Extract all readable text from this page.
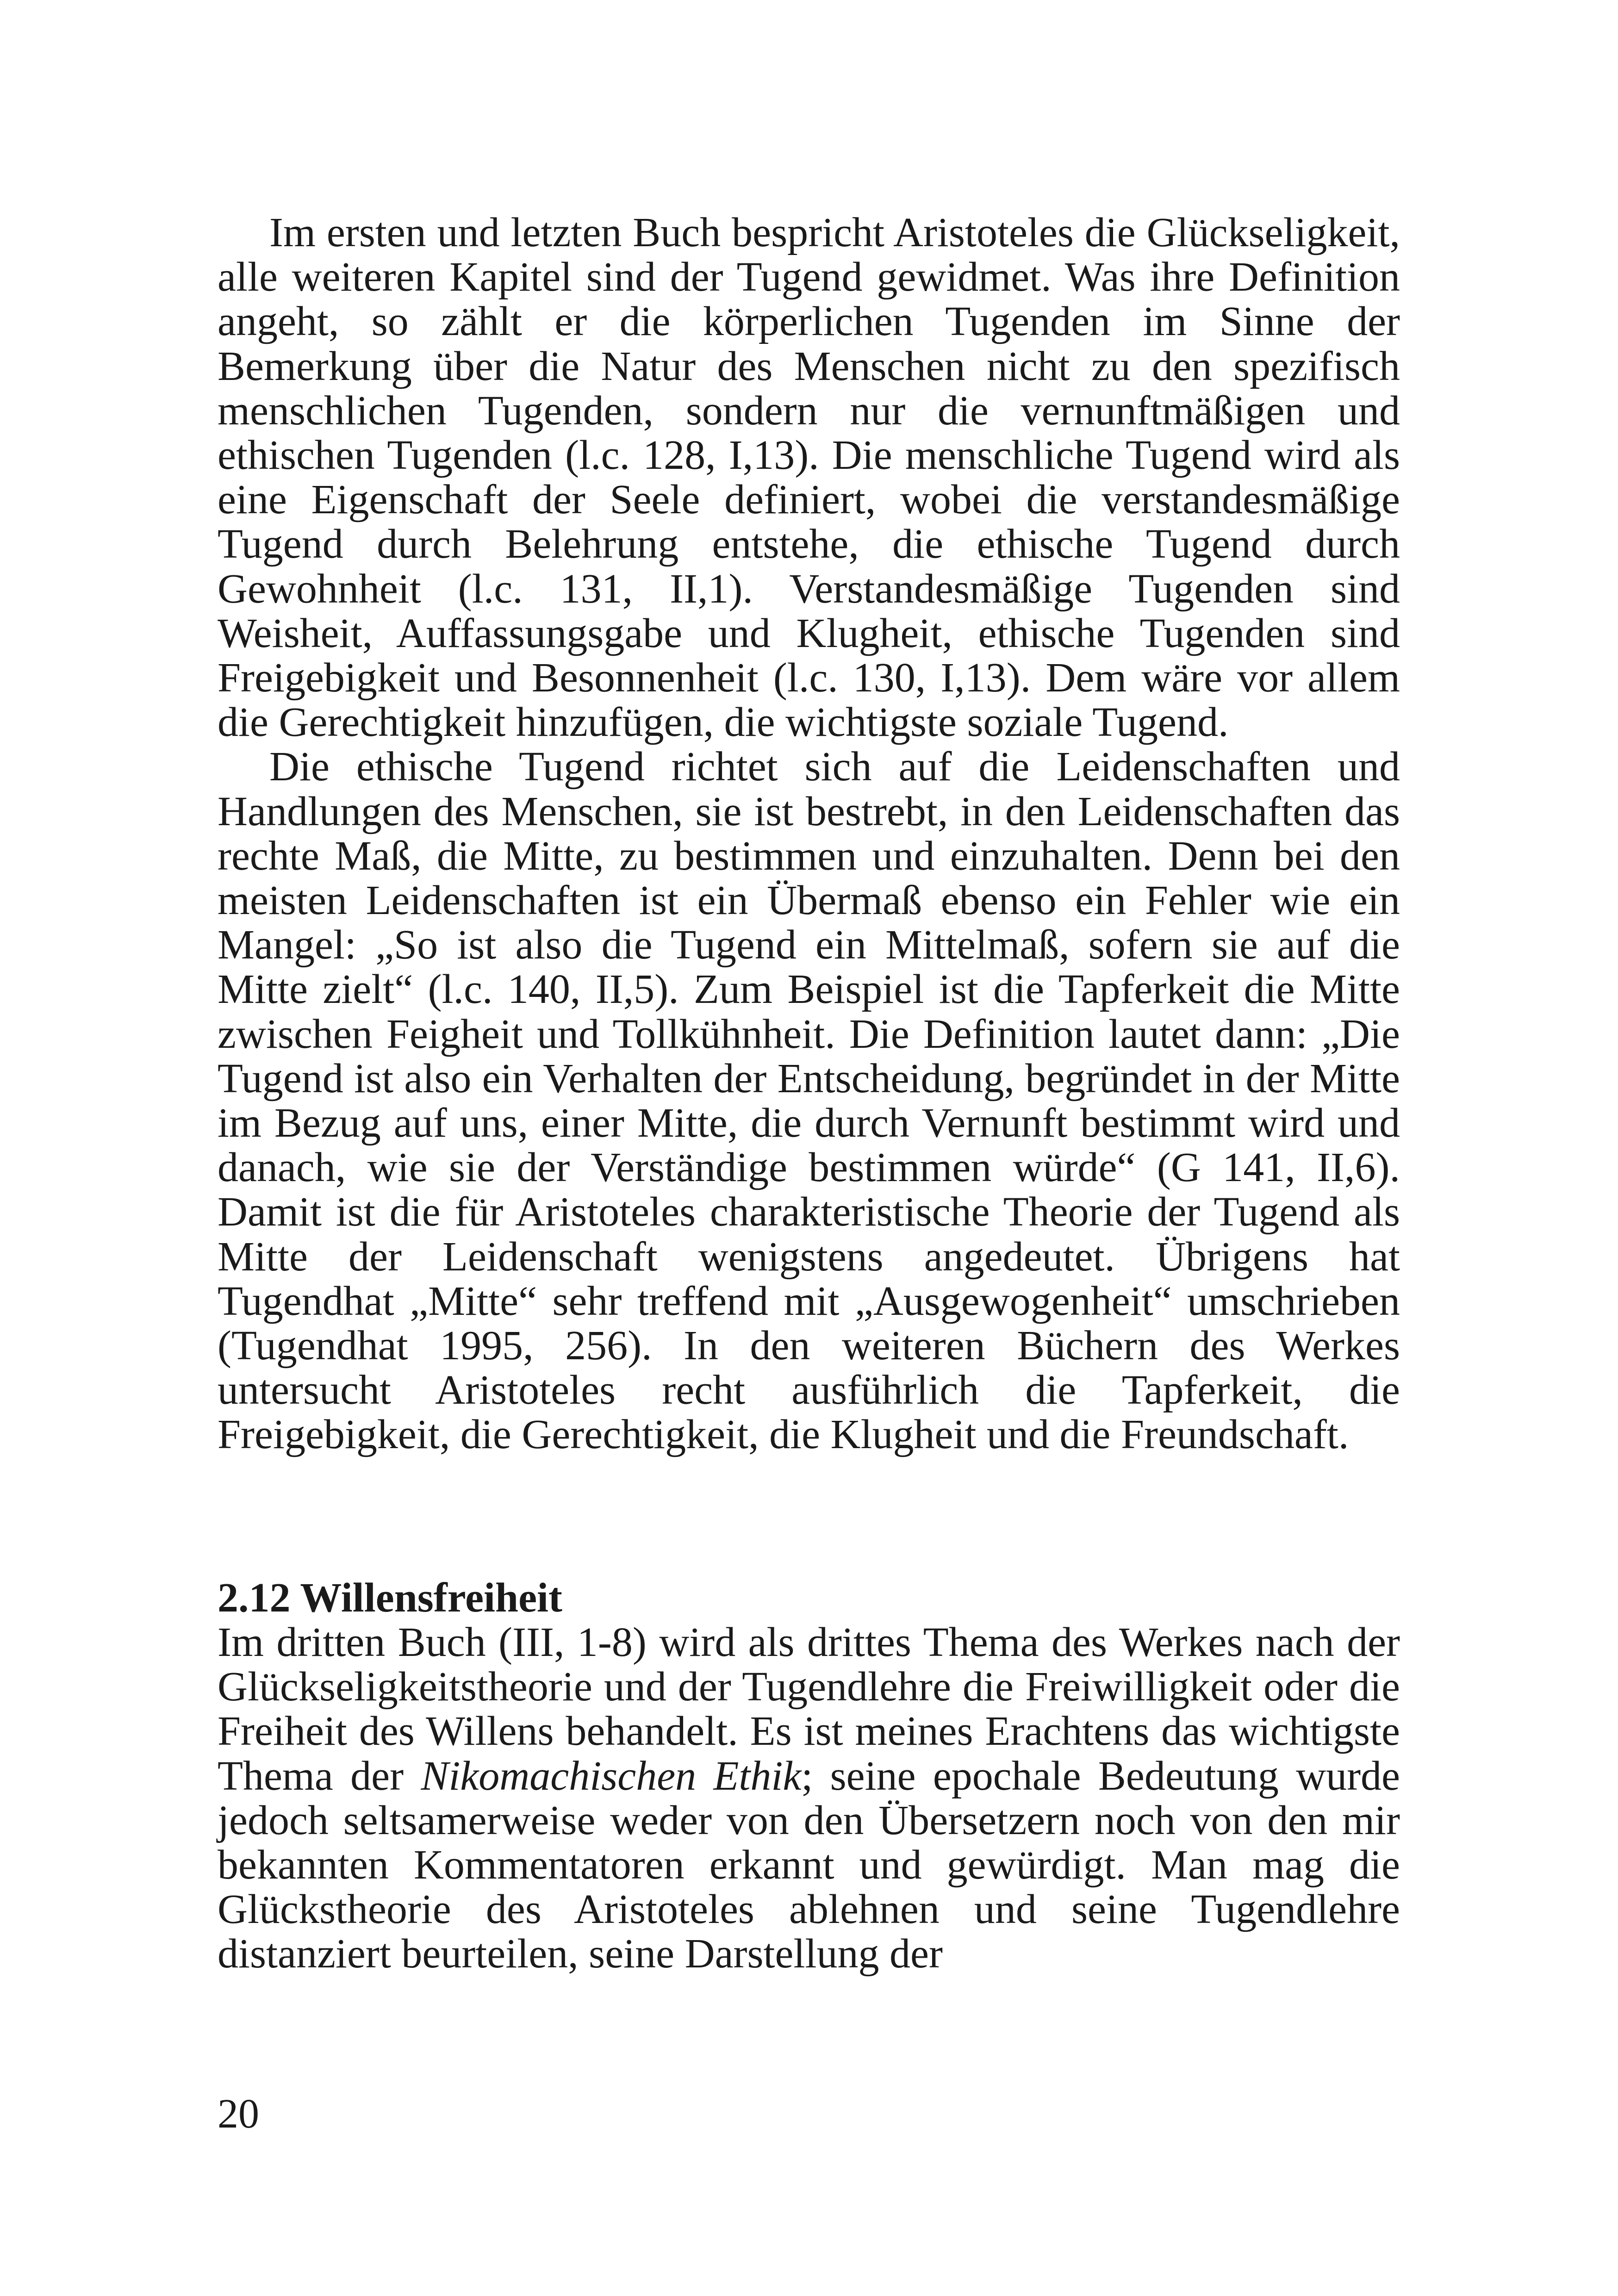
Im ersten und letzten Buch bespricht Aristoteles die Glückseligkeit, alle weiteren Kapitel sind der Tugend gewidmet. Was ihre Definition angeht, so zählt er die körperlichen Tugenden im Sinne der Bemerkung über die Natur des Menschen nicht zu den spezifisch menschlichen Tugenden, sondern nur die vernunftmäßigen und ethischen Tugenden (l.c. 128, I,13). Die menschliche Tugend wird als eine Eigenschaft der Seele definiert, wobei die verstandesmäßige Tugend durch Belehrung entstehe, die ethische Tugend durch Gewohnheit (l.c. 131, II,1). Verstandesmäßige Tugenden sind Weisheit, Auffassungsgabe und Klugheit, ethische Tugenden sind Freigebigkeit und Besonnenheit (l.c. 130, I,13). Dem wäre vor allem die Gerechtigkeit hinzufügen, die wichtigste soziale Tugend.

Die ethische Tugend richtet sich auf die Leidenschaften und Handlungen des Menschen, sie ist bestrebt, in den Leidenschaften das rechte Maß, die Mitte, zu bestimmen und einzuhalten. Denn bei den meisten Leidenschaften ist ein Übermaß ebenso ein Fehler wie ein Mangel: „So ist also die Tugend ein Mittelmaß, sofern sie auf die Mitte zielt“ (l.c. 140, II,5). Zum Beispiel ist die Tapferkeit die Mitte zwischen Feigheit und Tollkühnheit. Die Definition lautet dann: „Die Tugend ist also ein Verhalten der Entscheidung, begründet in der Mitte im Bezug auf uns, einer Mitte, die durch Vernunft bestimmt wird und danach, wie sie der Verständige bestimmen würde“ (G 141, II,6). Damit ist die für Aristoteles charakteristische Theorie der Tugend als Mitte der Leidenschaft wenigstens angedeutet. Übrigens hat Tugendhat „Mitte“ sehr treffend mit „Ausgewogenheit“ umschrieben (Tugendhat 1995, 256). In den weiteren Büchern des Werkes untersucht Aristoteles recht ausführlich die Tapferkeit, die Freigebigkeit, die Gerechtigkeit, die Klugheit und die Freundschaft.

2.12 Willensfreiheit

Im dritten Buch (III, 1-8) wird als drittes Thema des Werkes nach der Glückseligkeitstheorie und der Tugendlehre die Freiwilligkeit oder die Freiheit des Willens behandelt. Es ist meines Erachtens das wichtigste Thema der Nikomachischen Ethik; seine epochale Bedeutung wurde jedoch seltsamerweise weder von den Übersetzern noch von den mir bekannten Kommentatoren erkannt und gewürdigt. Man mag die Glückstheorie des Aristoteles ablehnen und seine Tugendlehre distanziert beurteilen, seine Darstellung der

20
